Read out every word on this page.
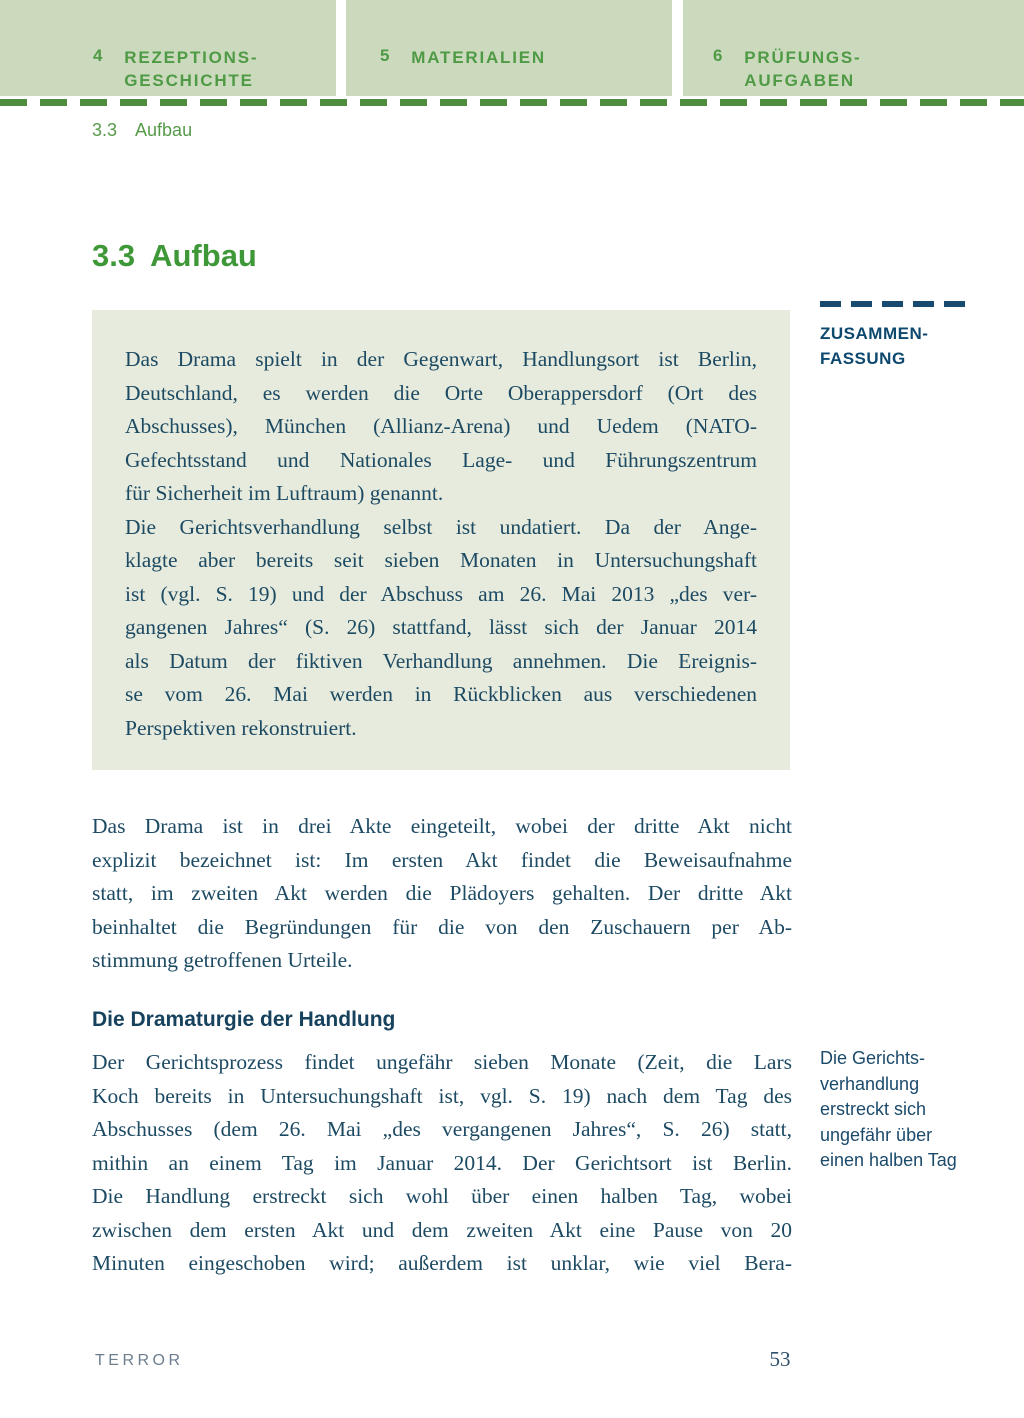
4 REZEPTIONS-
GESCHICHTE
5 MATERIALIEN	6 PRÜFUNGS-
AUFGABEN
3.3 Aufbau
3.3 Aufbau
Das Drama spielt in der Gegenwart, Handlungsort ist Berlin,
Deutschland, es werden die Orte Oberappersdorf (Ort des
Abschusses), München (Allianz-Arena) und Uedem (NATO-
Gefechtsstand und Nationales Lage- und Führungszentrum
für Sicherheit im Luftraum) genannt.
Die Gerichtsverhandlung selbst ist undatiert. Da der Ange-
klagte aber bereits seit sieben Monaten in Untersuchungshaft
ist (vgl. S. 19) und der Abschuss am 26. Mai 2013 „des ver-
gangenen Jahres“ (S. 26) stattfand, lässt sich der Januar 2014
als Datum der fiktiven Verhandlung annehmen. Die Ereignis-
se vom 26. Mai werden in Rückblicken aus verschiedenen
Perspektiven rekonstruiert.
ZUSAMMEN-
FASSUNG
Das Drama ist in drei Akte eingeteilt, wobei der dritte Akt nicht
explizit bezeichnet ist: Im ersten Akt findet die Beweisaufnahme
statt, im zweiten Akt werden die Plädoyers gehalten. Der dritte Akt
beinhaltet die Begründungen für die von den Zuschauern per Ab-
stimmung getroffenen Urteile.
Die Dramaturgie der Handlung
Der Gerichtsprozess findet ungefähr sieben Monate (Zeit, die Lars
Koch bereits in Untersuchungshaft ist, vgl. S. 19) nach dem Tag des
Abschusses (dem 26. Mai „des vergangenen Jahres“, S. 26) statt,
mithin an einem Tag im Januar 2014. Der Gerichtsort ist Berlin.
Die Handlung erstreckt sich wohl über einen halben Tag, wobei
zwischen dem ersten Akt und dem zweiten Akt eine Pause von 20
Minuten eingeschoben wird; außerdem ist unklar, wie viel Bera-
Die Gerichts-
verhandlung
erstreckt sich
ungefähr über
einen halben Tag
TERROR	53
